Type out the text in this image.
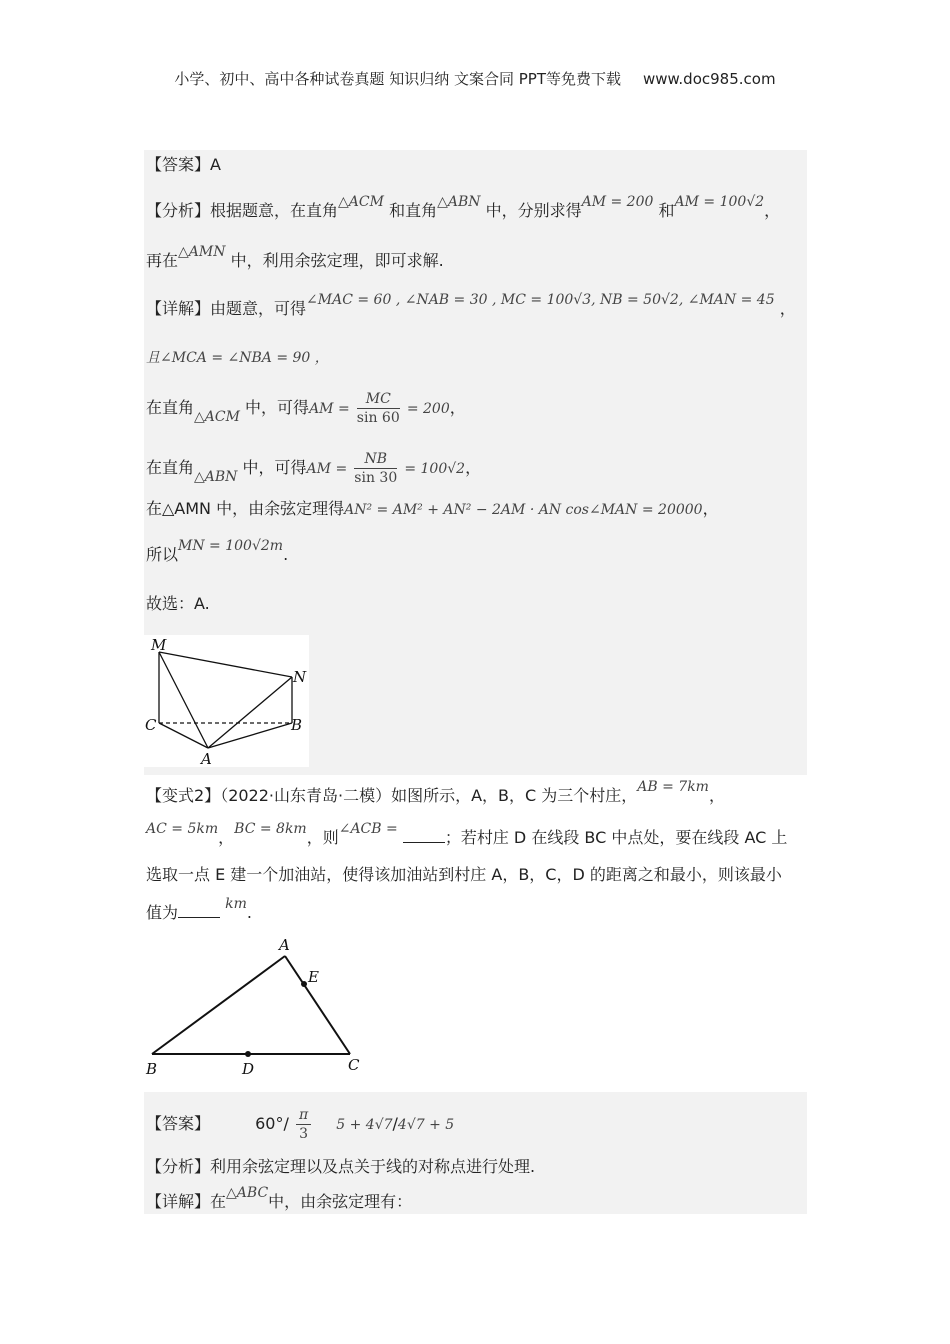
小学、初中、高中各种试卷真题 知识归纳 文案合同 PPT等免费下载 www.doc985.com
【答案】A
【分析】根据题意，在直角△ACM 和直角△ABN 中，分别求得AM = 200 和AM = 100√2，
再在△AMN 中，利用余弦定理，即可求解.
【详解】由题意，可得∠MAC = 60 , ∠NAB = 30 , MC = 100√3, NB = 50√2, ∠MAN = 45 ，
且∠MCA = ∠NBA = 90 ，
在直角△ACM 中，可得AM = $\frac{MC}{\sin 60} = 200$，
在直角△ABN 中，可得AM = $\frac{NB}{\sin 30} = 100√2$，
在△AMN 中，由余弦定理得AN² = AM² + AN² − 2AM · AN cos∠MAN = 20000，
所以MN = 100√2m.
故选：A.
M
N
C	B
A
【变式2】（2022·山东青岛·二模）如图所示，A，B，C 为三个村庄，AB = 7km，
AC = 5km，BC = 8km，则∠ACB =	；若村庄 D 在线段 BC 中点处，要在线段 AC 上
选取一点 E 建一个加油站，使得该加油站到村庄 A，B，C，D 的距离之和最小，则该最小
值为	km.
A
E
B	D	C
【答案】	$60^\circ/ \frac{\pi}{3} 5 + 4√7/4√7 + 5$
【分析】利用余弦定理以及点关于线的对称点进行处理.
【详解】在△ABC中，由余弦定理有：
